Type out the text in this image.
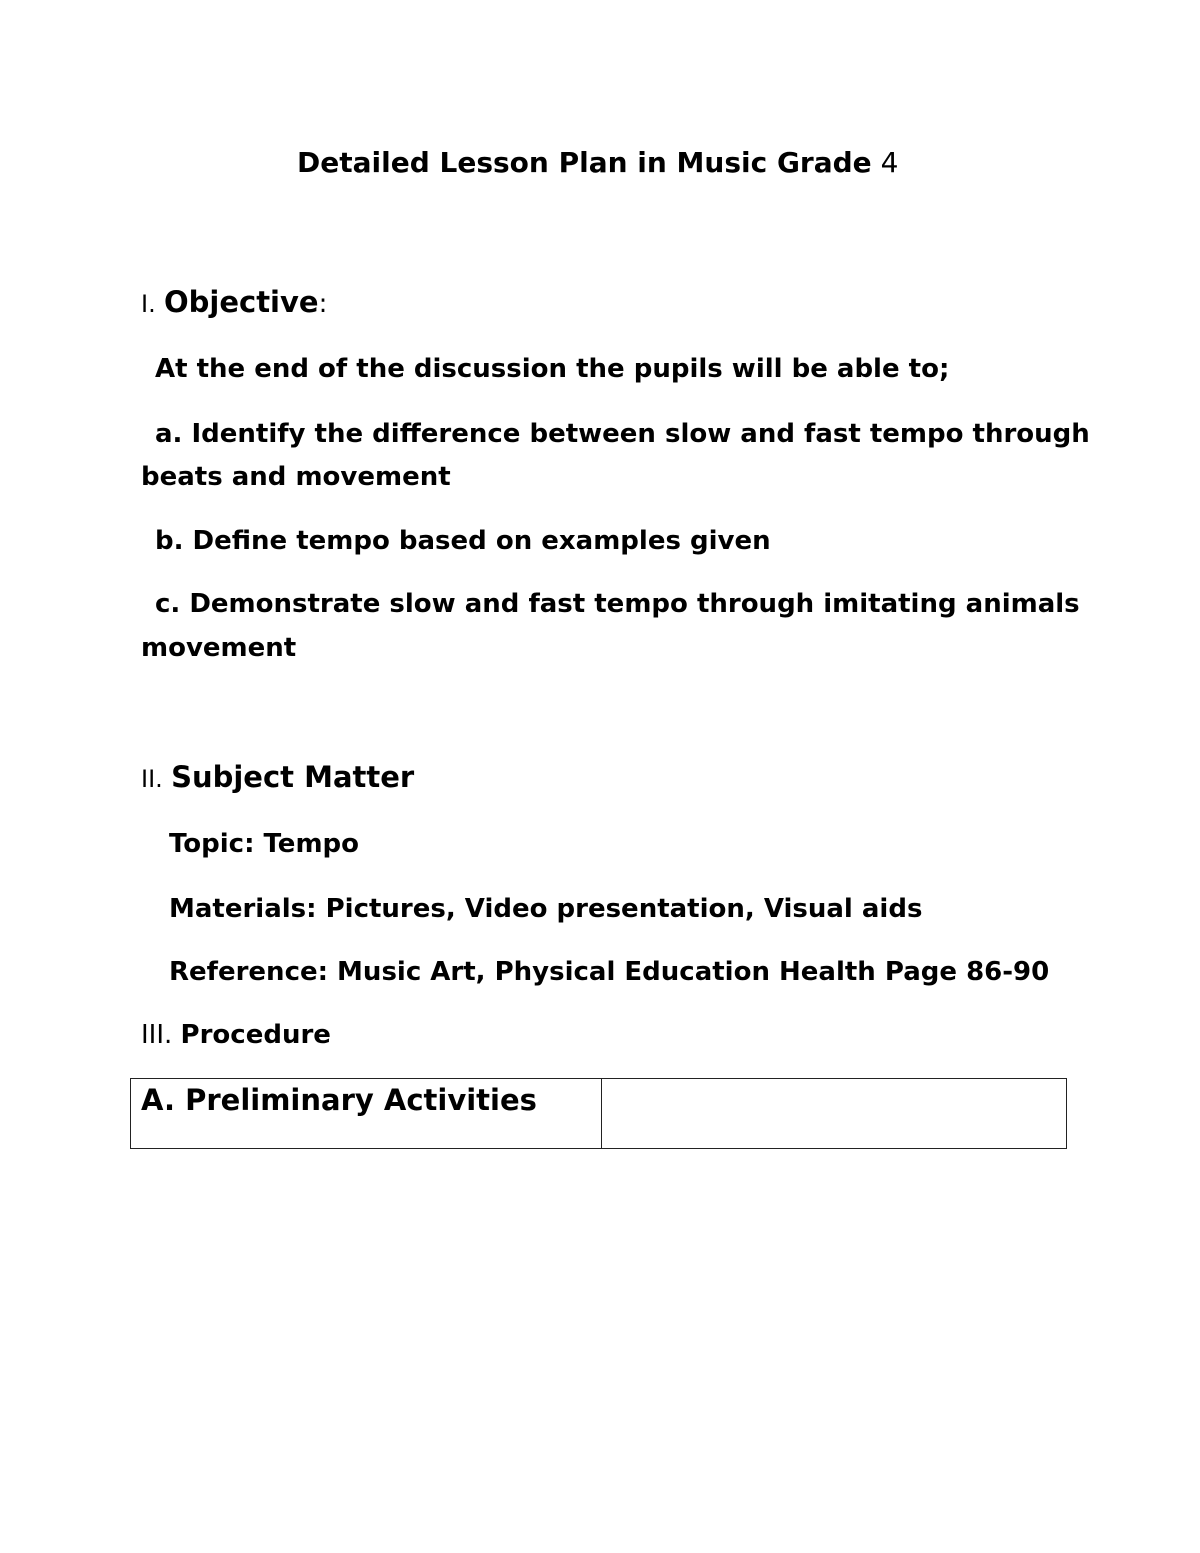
Detailed Lesson Plan in Music Grade 4
I. Objective:
At the end of the discussion the pupils will be able to;
a. Identify the difference between slow and fast tempo through
beats and movement
b. Define tempo based on examples given
c. Demonstrate slow and fast tempo through imitating animals
movement
II. Subject Matter
Topic: Tempo
Materials: Pictures, Video presentation, Visual aids
Reference: Music Art, Physical Education Health Page 86-90
III. Procedure
A. Preliminary Activities	
